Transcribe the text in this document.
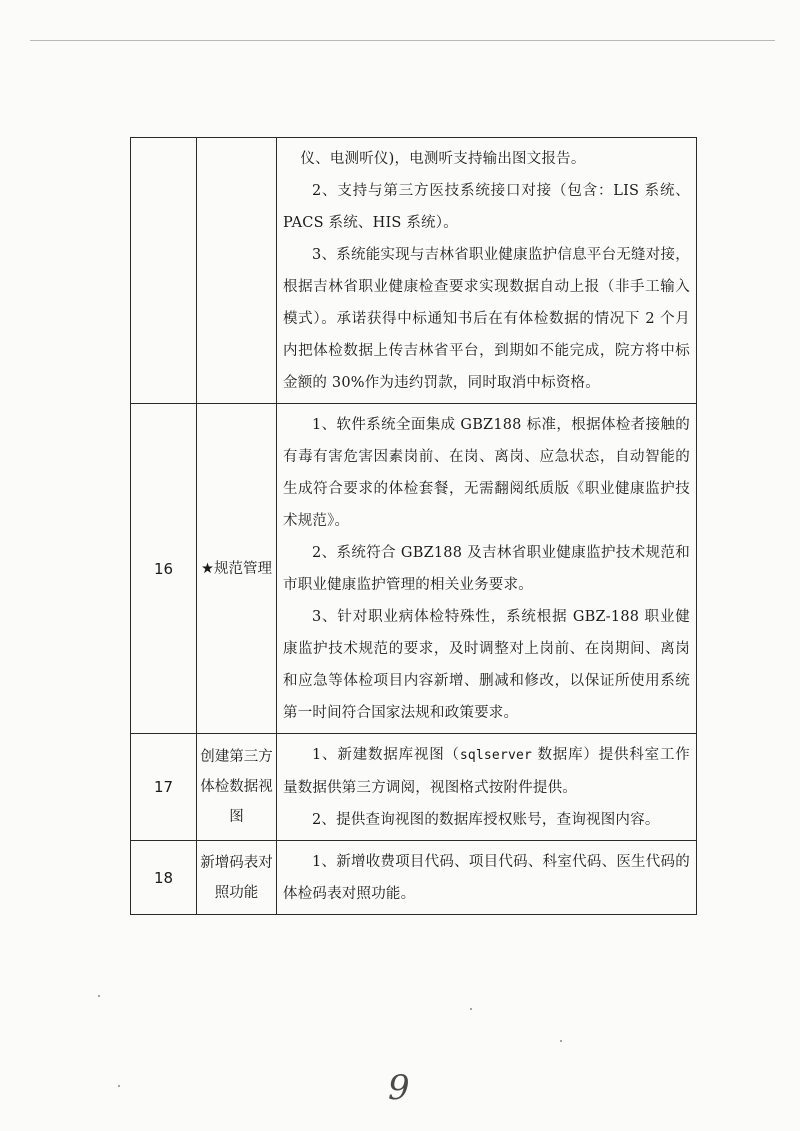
		仪、电测听仪)，电测听支持输出图文报告。

2、支持与第三方医技系统接口对接（包含：LIS 系统、PACS 系统、HIS 系统）。

3、系统能实现与吉林省职业健康监护信息平台无缝对接，根据吉林省职业健康检查要求实现数据自动上报（非手工输入模式）。承诺获得中标通知书后在有体检数据的情况下 2 个月内把体检数据上传吉林省平台，到期如不能完成，院方将中标金额的 30%作为违约罚款，同时取消中标资格。

16	★规范管理	1、软件系统全面集成 GBZ188 标准，根据体检者接触的有毒有害危害因素岗前、在岗、离岗、应急状态，自动智能的生成符合要求的体检套餐，无需翻阅纸质版《职业健康监护技术规范》。

2、系统符合 GBZ188 及吉林省职业健康监护技术规范和市职业健康监护管理的相关业务要求。

3、针对职业病体检特殊性，系统根据 GBZ-188 职业健康监护技术规范的要求，及时调整对上岗前、在岗期间、离岗和应急等体检项目内容新增、删减和修改，以保证所使用系统第一时间符合国家法规和政策要求。

17	创建第三方体检数据视图	1、新建数据库视图（sqlserver 数据库）提供科室工作量数据供第三方调阅，视图格式按附件提供。

2、提供查询视图的数据库授权账号，查询视图内容。

18	新增码表对照功能	1、新增收费项目代码、项目代码、科室代码、医生代码的体检码表对照功能。

9
